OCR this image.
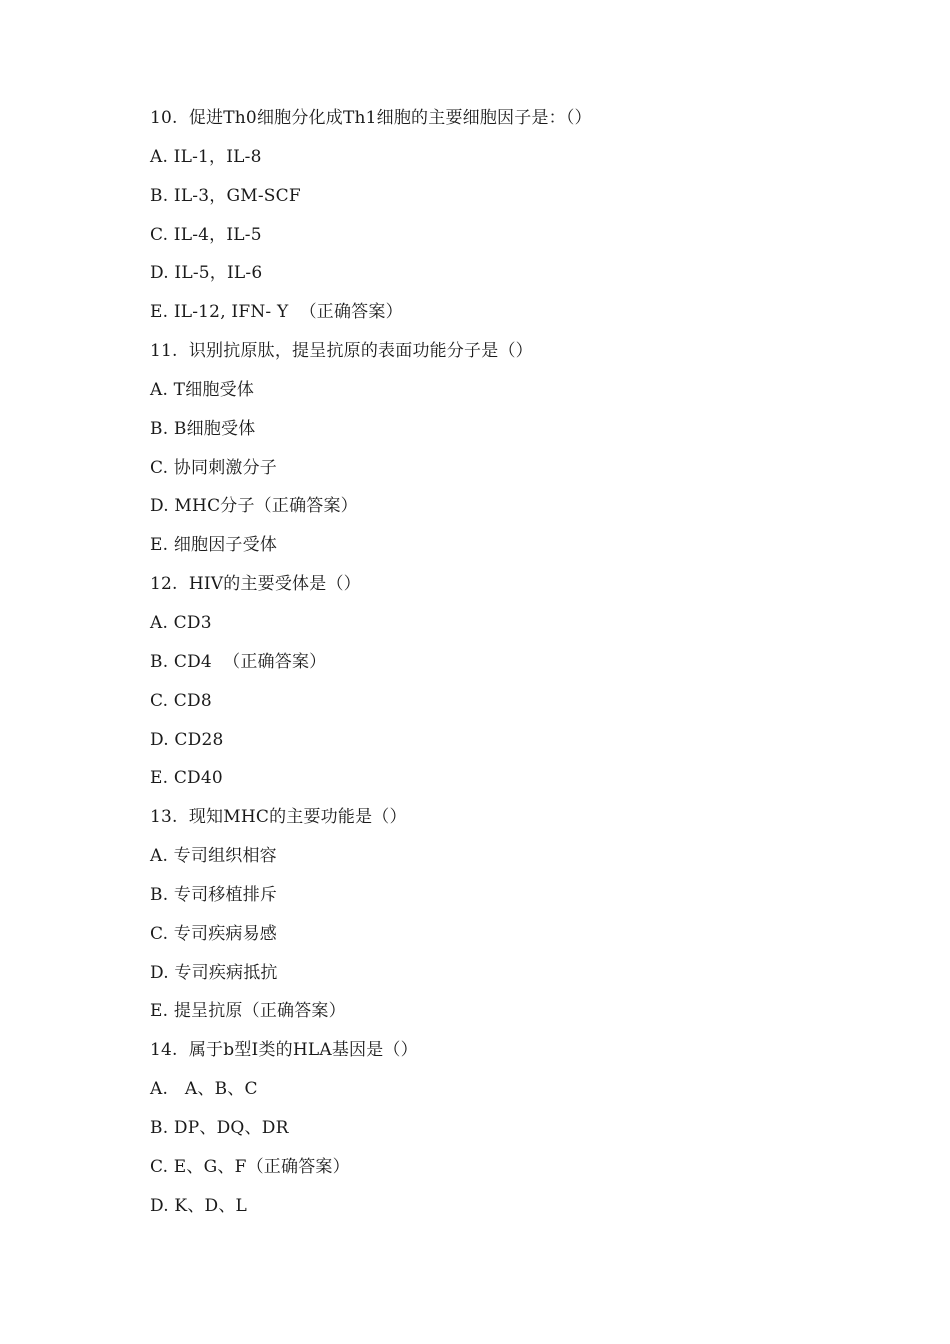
10.  促进Th0细胞分化成Th1细胞的主要细胞因子是：（）
A. IL-1，IL-8
B. IL-3，GM-SCF
C. IL-4，IL-5
D. IL-5，IL-6
E. IL-12, IFN- Y  （正确答案）
11.  识别抗原肽，提呈抗原的表面功能分子是（）
A. T细胞受体
B. B细胞受体
C. 协同刺激分子
D. MHC分子（正确答案）
E. 细胞因子受体
12.  HIV的主要受体是（）
A. CD3
B. CD4  （正确答案）
C. CD8
D. CD28
E. CD40
13.  现知MHC的主要功能是（）
A. 专司组织相容
B. 专司移植排斥
C. 专司疾病易感
D. 专司疾病抵抗
E. 提呈抗原（正确答案）
14.  属于b型I类的HLA基因是（）
A.   A、B、C
B. DP、DQ、DR
C. E、G、F（正确答案）
D. K、D、L
